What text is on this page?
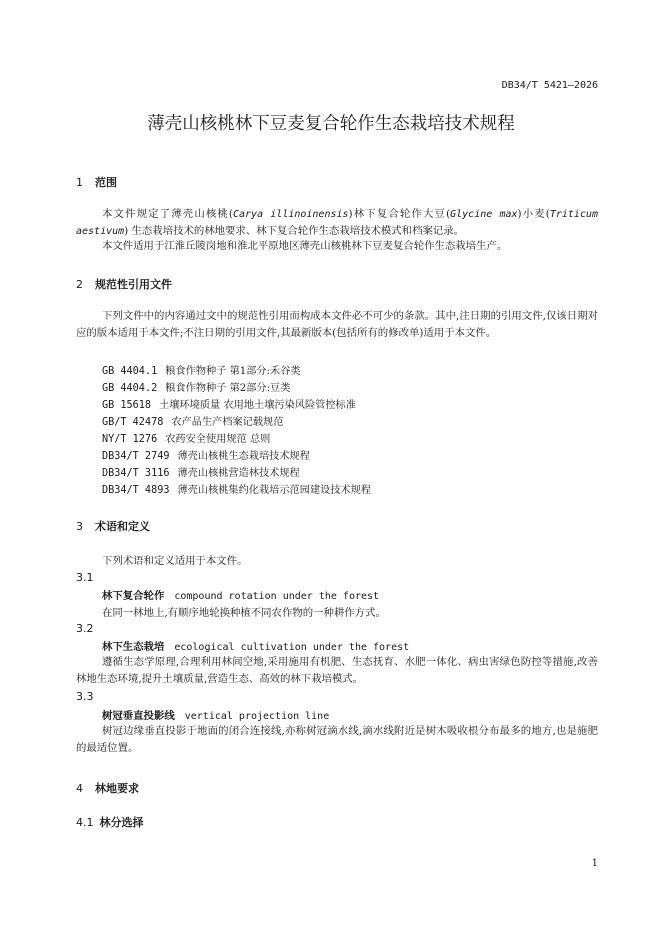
DB34/T 5421—2026
薄壳山核桃林下豆麦复合轮作生态栽培技术规程
1 范围
本文件规定了薄壳山核桃(Carya illinoinensis)林下复合轮作大豆(Glycine max)小麦(Triticum aestivum) 生态栽培技术的林地要求、林下复合轮作生态栽培技术模式和档案记录。
本文件适用于江淮丘陵岗地和淮北平原地区薄壳山核桃林下豆麦复合轮作生态栽培生产。
2 规范性引用文件
下列文件中的内容通过文中的规范性引用而构成本文件必不可少的条款。其中,注日期的引用文件,仅该日期对应的版本适用于本文件;不注日期的引用文件,其最新版本(包括所有的修改单)适用于本文件。
GB 4404.1 粮食作物种子 第1部分:禾谷类
GB 4404.2 粮食作物种子 第2部分:豆类
GB 15618 土壤环境质量 农用地土壤污染风险管控标准
GB/T 42478 农产品生产档案记载规范
NY/T 1276 农药安全使用规范 总则
DB34/T 2749 薄壳山核桃生态栽培技术规程
DB34/T 3116 薄壳山核桃营造林技术规程
DB34/T 4893 薄壳山核桃集约化栽培示范园建设技术规程
3 术语和定义
下列术语和定义适用于本文件。
3.1
林下复合轮作 compound rotation under the forest
在同一林地上,有顺序地轮换种植不同农作物的一种耕作方式。
3.2
林下生态栽培 ecological cultivation under the forest
遵循生态学原理,合理利用林间空地,采用施用有机肥、生态抚育、水肥一体化、病虫害绿色防控等措施,改善林地生态环境,提升土壤质量,营造生态、高效的林下栽培模式。
3.3
树冠垂直投影线 vertical projection line
树冠边缘垂直投影于地面的闭合连接线,亦称树冠滴水线,滴水线附近是树木吸收根分布最多的地方,也是施肥的最适位置。
4 林地要求
4.1 林分选择
1
